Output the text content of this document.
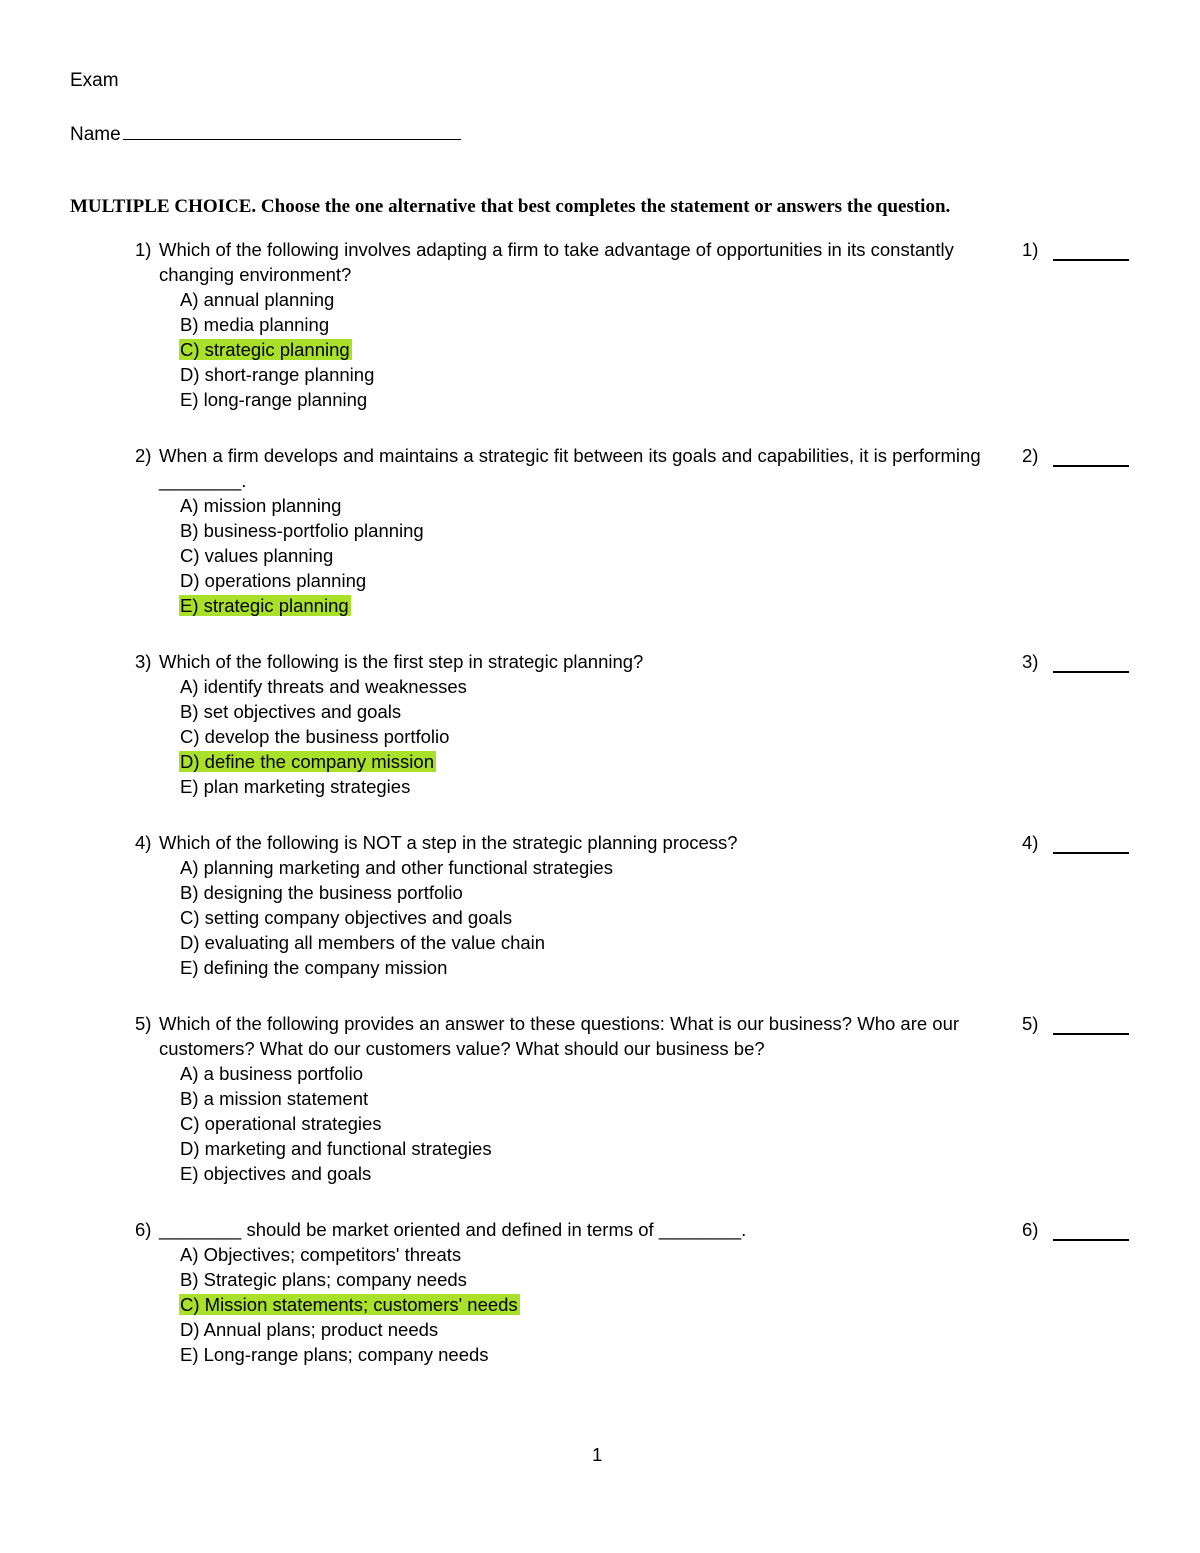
Exam
Name
MULTIPLE CHOICE. Choose the one alternative that best completes the statement or answers the question.
1) Which of the following involves adapting a firm to take advantage of opportunities in its constantly changing environment?
A) annual planning
B) media planning
C) strategic planning
D) short-range planning
E) long-range planning
1)
2) When a firm develops and maintains a strategic fit between its goals and capabilities, it is performing ________.
A) mission planning
B) business-portfolio planning
C) values planning
D) operations planning
E) strategic planning
2)
3) Which of the following is the first step in strategic planning?
A) identify threats and weaknesses
B) set objectives and goals
C) develop the business portfolio
D) define the company mission
E) plan marketing strategies
3)
4) Which of the following is NOT a step in the strategic planning process?
A) planning marketing and other functional strategies
B) designing the business portfolio
C) setting company objectives and goals
D) evaluating all members of the value chain
E) defining the company mission
4)
5) Which of the following provides an answer to these questions: What is our business? Who are our customers? What do our customers value? What should our business be?
A) a business portfolio
B) a mission statement
C) operational strategies
D) marketing and functional strategies
E) objectives and goals
5)
6) ________ should be market oriented and defined in terms of ________.
A) Objectives; competitors' threats
B) Strategic plans; company needs
C) Mission statements; customers' needs
D) Annual plans; product needs
E) Long-range plans; company needs
6)
1
